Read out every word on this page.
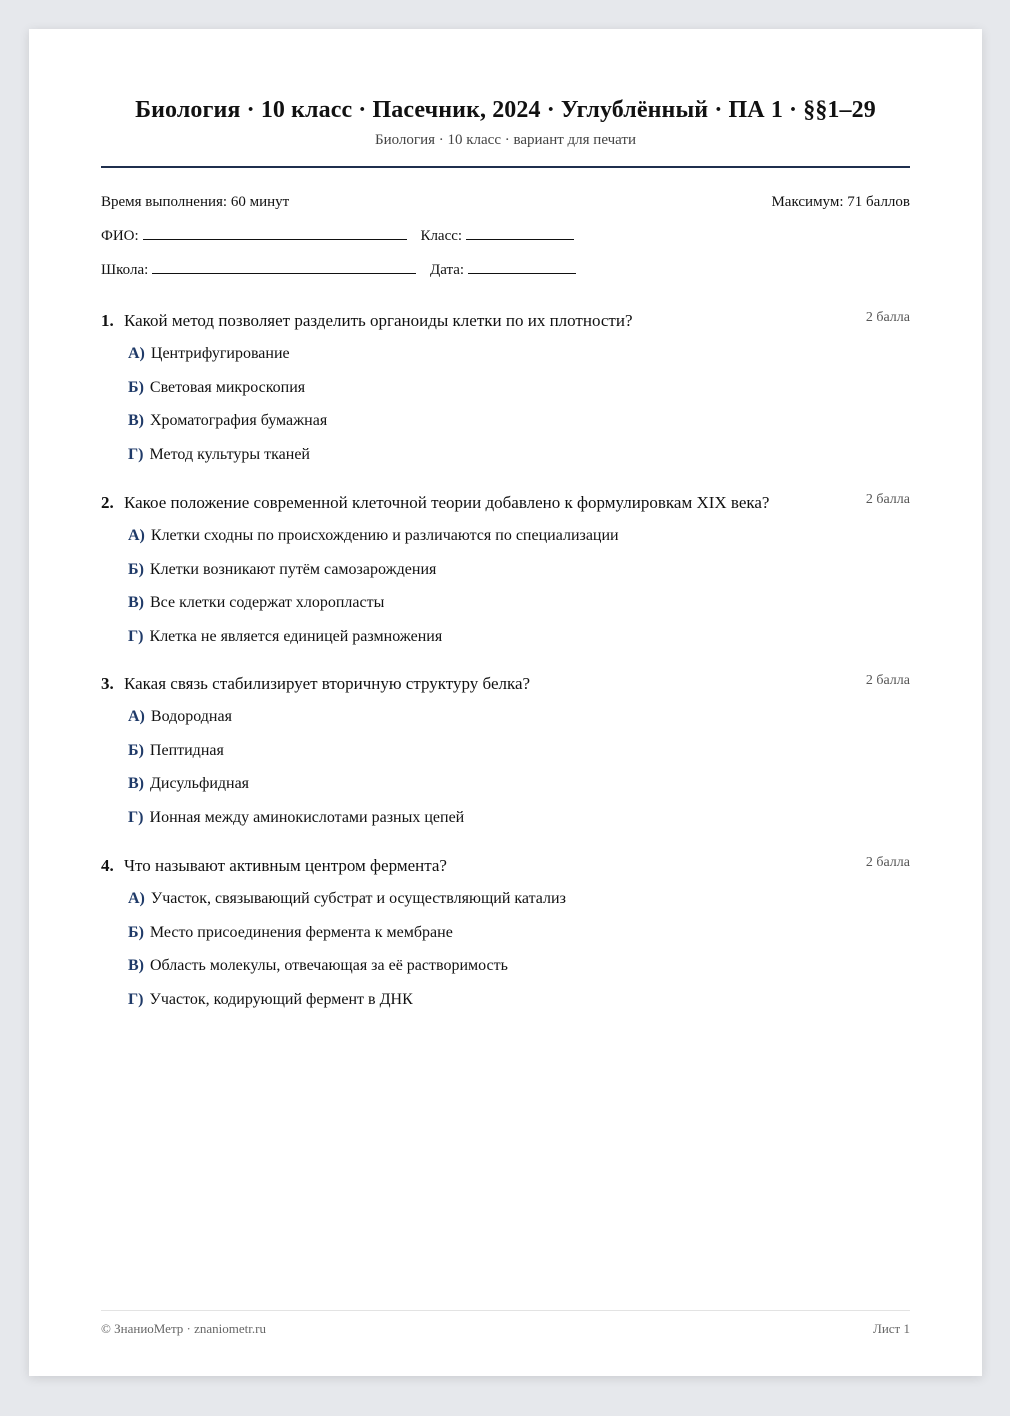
Биология · 10 класс · Пасечник, 2024 · Углублённый · ПА 1 · §§1–29
Биология · 10 класс · вариант для печати
Время выполнения: 60 минут	Максимум: 71 баллов
ФИО:	Класс:
Школа:	Дата:
1. Какой метод позволяет разделить органоиды клетки по их плотности?	2 балла
А) Центрифугирование
Б) Световая микроскопия
В) Хроматография бумажная
Г) Метод культуры тканей
2. Какое положение современной клеточной теории добавлено к формулировкам XIX века?	2 балла
А) Клетки сходны по происхождению и различаются по специализации
Б) Клетки возникают путём самозарождения
В) Все клетки содержат хлоропласты
Г) Клетка не является единицей размножения
3. Какая связь стабилизирует вторичную структуру белка?	2 балла
А) Водородная
Б) Пептидная
В) Дисульфидная
Г) Ионная между аминокислотами разных цепей
4. Что называют активным центром фермента?	2 балла
А) Участок, связывающий субстрат и осуществляющий катализ
Б) Место присоединения фермента к мембране
В) Область молекулы, отвечающая за её растворимость
Г) Участок, кодирующий фермент в ДНК
© ЗнаниоМетр · znaniometr.ru	Лист 1
